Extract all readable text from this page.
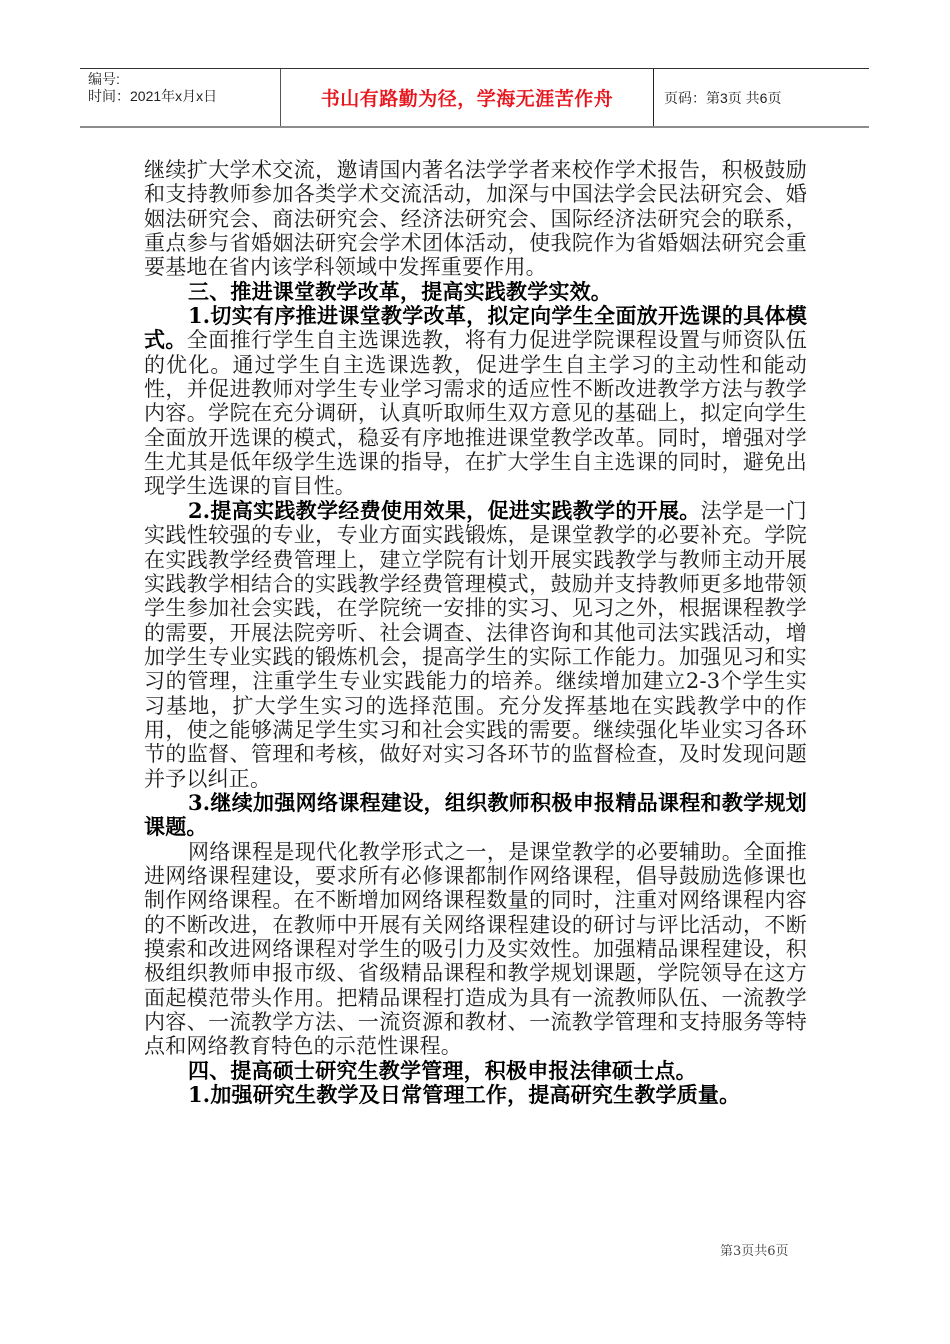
编号:
时间：2021年x月x日	书山有路勤为径，学海无涯苦作舟	页码：第3页 共6页

继续扩大学术交流，邀请国内著名法学学者来校作学术报告，积极鼓励和支持教师参加各类学术交流活动，加深与中国法学会民法研究会、婚姻法研究会、商法研究会、经济法研究会、国际经济法研究会的联系，重点参与省婚姻法研究会学术团体活动，使我院作为省婚姻法研究会重要基地在省内该学科领域中发挥重要作用。

三、推进课堂教学改革，提高实践教学实效。

1.切实有序推进课堂教学改革，拟定向学生全面放开选课的具体模式。全面推行学生自主选课选教，将有力促进学院课程设置与师资队伍的优化。通过学生自主选课选教，促进学生自主学习的主动性和能动性，并促进教师对学生专业学习需求的适应性不断改进教学方法与教学内容。学院在充分调研，认真听取师生双方意见的基础上，拟定向学生全面放开选课的模式，稳妥有序地推进课堂教学改革。同时，增强对学生尤其是低年级学生选课的指导，在扩大学生自主选课的同时，避免出现学生选课的盲目性。

2.提高实践教学经费使用效果，促进实践教学的开展。法学是一门实践性较强的专业，专业方面实践锻炼，是课堂教学的必要补充。学院在实践教学经费管理上，建立学院有计划开展实践教学与教师主动开展实践教学相结合的实践教学经费管理模式，鼓励并支持教师更多地带领学生参加社会实践，在学院统一安排的实习、见习之外，根据课程教学的需要，开展法院旁听、社会调查、法律咨询和其他司法实践活动，增加学生专业实践的锻炼机会，提高学生的实际工作能力。加强见习和实习的管理，注重学生专业实践能力的培养。继续增加建立2-3个学生实习基地，扩大学生实习的选择范围。充分发挥基地在实践教学中的作用，使之能够满足学生实习和社会实践的需要。继续强化毕业实习各环节的监督、管理和考核，做好对实习各环节的监督检查，及时发现问题并予以纠正。

3.继续加强网络课程建设，组织教师积极申报精品课程和教学规划课题。

网络课程是现代化教学形式之一，是课堂教学的必要辅助。全面推进网络课程建设，要求所有必修课都制作网络课程，倡导鼓励选修课也制作网络课程。在不断增加网络课程数量的同时，注重对网络课程内容的不断改进，在教师中开展有关网络课程建设的研讨与评比活动，不断摸索和改进网络课程对学生的吸引力及实效性。加强精品课程建设，积极组织教师申报市级、省级精品课程和教学规划课题，学院领导在这方面起模范带头作用。把精品课程打造成为具有一流教师队伍、一流教学内容、一流教学方法、一流资源和教材、一流教学管理和支持服务等特点和网络教育特色的示范性课程。

四、提高硕士研究生教学管理，积极申报法律硕士点。

1.加强研究生教学及日常管理工作，提高研究生教学质量。

第3页共6页
